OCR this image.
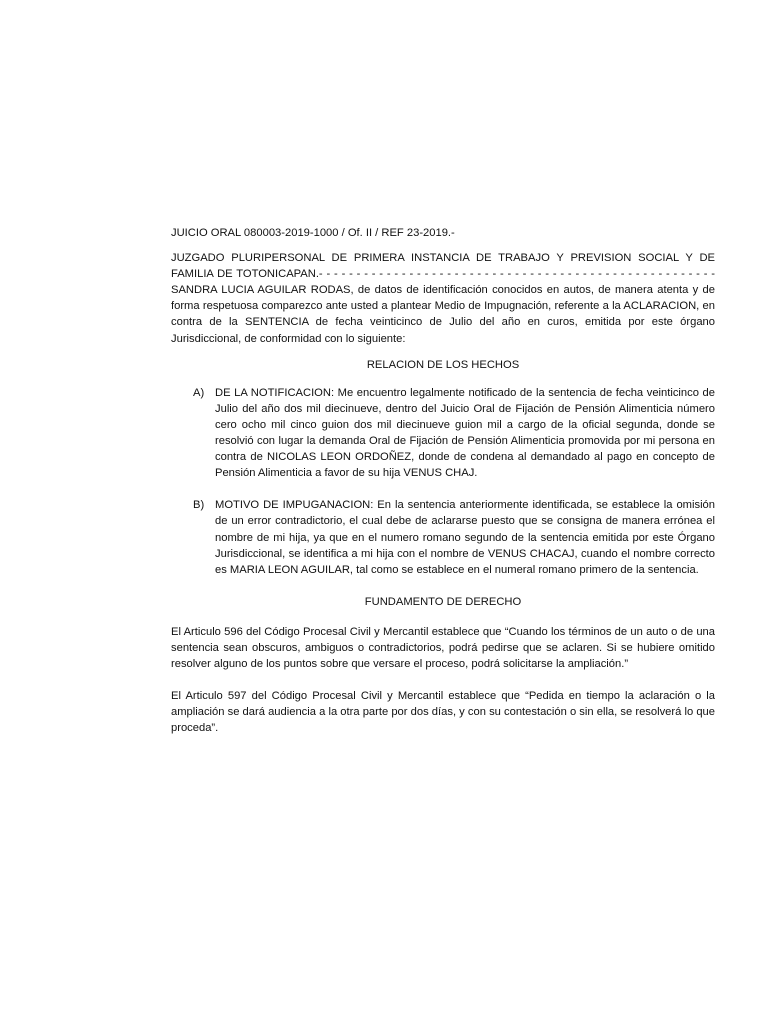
JUICIO ORAL 080003-2019-1000 / Of. II / REF 23-2019.-

JUZGADO PLURIPERSONAL DE PRIMERA INSTANCIA DE TRABAJO Y PREVISION SOCIAL Y DE FAMILIA DE TOTONICAPAN.- - - - - - - - - - - - - - - - - - - - - - - - - - - - - - - - - - - - - - - - - - - - - - - - - - - - - SANDRA LUCIA AGUILAR RODAS, de datos de identificación conocidos en autos, de manera atenta y de forma respetuosa comparezco ante usted a plantear Medio de Impugnación, referente a la ACLARACION, en contra de la SENTENCIA de fecha veinticinco de Julio del año en curos, emitida por este órgano Jurisdiccional, de conformidad con lo siguiente:

RELACION DE LOS HECHOS

A) DE LA NOTIFICACION: Me encuentro legalmente notificado de la sentencia de fecha veinticinco de Julio del año dos mil diecinueve, dentro del Juicio Oral de Fijación de Pensión Alimenticia número cero ocho mil cinco guion dos mil diecinueve guion mil a cargo de la oficial segunda, donde se resolvió con lugar la demanda Oral de Fijación de Pensión Alimenticia promovida por mi persona en contra de NICOLAS LEON ORDOÑEZ, donde de condena al demandado al pago en concepto de Pensión Alimenticia a favor de su hija VENUS CHAJ.

B) MOTIVO DE IMPUGANACION: En la sentencia anteriormente identificada, se establece la omisión de un error contradictorio, el cual debe de aclararse puesto que se consigna de manera errónea el nombre de mi hija, ya que en el numero romano segundo de la sentencia emitida por este Órgano Jurisdiccional, se identifica a mi hija con el nombre de VENUS CHACAJ, cuando el nombre correcto es MARIA LEON AGUILAR, tal como se establece en el numeral romano primero de la sentencia.

FUNDAMENTO DE DERECHO

El Articulo 596 del Código Procesal Civil y Mercantil establece que “Cuando los términos de un auto o de una sentencia sean obscuros, ambiguos o contradictorios, podrá pedirse que se aclaren. Si se hubiere omitido resolver alguno de los puntos sobre que versare el proceso, podrá solicitarse la ampliación.”

El Articulo 597 del Código Procesal Civil y Mercantil establece que “Pedida en tiempo la aclaración o la ampliación se dará audiencia a la otra parte por dos días, y con su contestación o sin ella, se resolverá lo que proceda”.
